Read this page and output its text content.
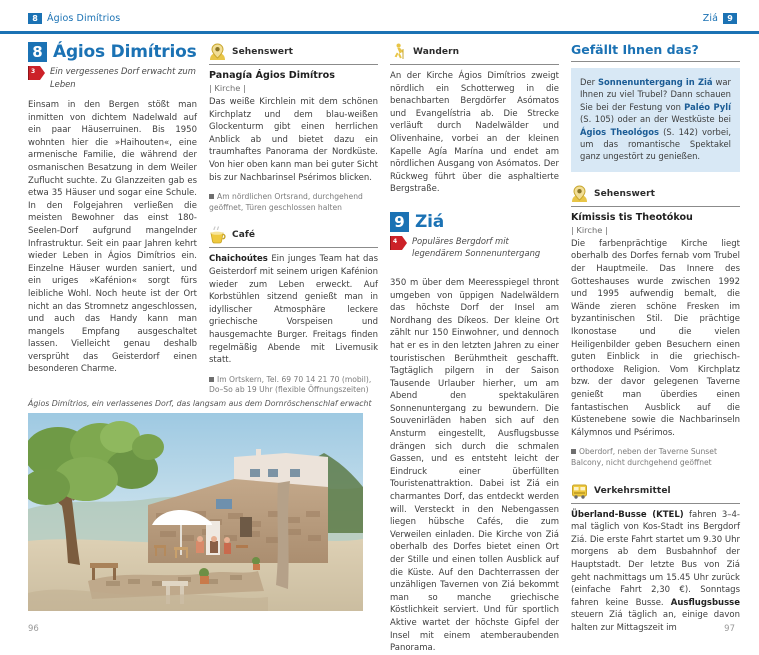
8 Ágios Dimítrios	Ziá	9
8 Ágios Dimítrios
3 Ein vergessenes Dorf erwacht zum Leben

Einsam in den Bergen stößt man inmitten von dichtem Nadelwald auf ein paar Häuserruinen. Bis 1950 wohnten hier die »Haihouten«, eine armenische Familie, die während der osmanischen Besatzung in dem Weiler Zuflucht suchte. Zu Glanzzeiten gab es etwa 35 Häuser und sogar eine Schule. In den Folgejahren verließen die meisten Bewohner das einst 180-Seelen-Dorf aufgrund mangelnder Infrastruktur. Seit ein paar Jahren kehrt wieder Leben in Ágios Dimítrios ein. Einzelne Häuser wurden saniert, und ein uriges »Kafénion« sorgt fürs leibliche Wohl. Noch heute ist der Ort nicht an das Stromnetz angeschlossen, und auch das Handy kann man mangels Empfang ausgeschaltet lassen. Vielleicht genau deshalb versprüht das Geisterdorf einen besonderen Charme.

Ágios Dimítrios, ein verlassenes Dorf, das langsam aus dem Dornröschenschlaf erwacht
Sehenswert
Panagía Ágios Dimítros
| Kirche |

Das weiße Kirchlein mit dem schönen Kirchplatz und dem blau-weißen Glockenturm gibt einen herrlichen Anblick ab und bietet dazu ein traumhaftes Panorama der Nordküste. Von hier oben kann man bei guter Sicht bis zur Nachbarinsel Psérimos blicken.

Am nördlichen Ortsrand, durchgehend geöffnet, Türen geschlossen halten

Café

Chaichoútes Ein junges Team hat das Geisterdorf mit seinem urigen Kafénion wieder zum Leben erweckt. Auf Korbstühlen sitzend genießt man in idyllischer Atmosphäre leckere griechische Vorspeisen und hausgemachte Burger. Freitags finden regelmäßig Abende mit Livemusik statt.

Im Ortskern, Tel. 69 70 14 21 70 (mobil), Do–So ab 19 Uhr (flexible Öffnungszeiten)

Wandern

An der Kirche Ágios Dimítrios zweigt nördlich ein Schotterweg in die benachbarten Bergdörfer Asómatos und Evangelístria ab. Die Strecke verläuft durch Nadelwälder und Olivenhaine, vorbei an der kleinen Kapelle Agía Marína und endet am nördlichen Ausgang von Asómatos. Der Rückweg führt über die asphaltierte Bergstraße.

9 Ziá
4 Populäres Bergdorf mit legendärem Sonnenuntergang

350 m über dem Meeresspiegel thront umgeben von üppigen Nadelwäldern das höchste Dorf der Insel am Nordhang des Díkeos. Der kleine Ort zählt nur 150 Einwohner, und dennoch hat er es in den letzten Jahren zu einer touristischen Berühmtheit geschafft. Tagtäglich pilgern in der Saison Tausende Urlauber hierher, um am Abend den spektakulären Sonnenuntergang zu bewundern. Die Souvenirläden haben sich auf den Ansturm eingestellt, Ausflugsbusse drängen sich durch die schmalen Gassen, und es entsteht leicht der Eindruck einer überfüllten Touristenattraktion. Dabei ist Ziá ein charmantes Dorf, das entdeckt werden will. Versteckt in den Nebengassen liegen hübsche Cafés, die zum Verweilen einladen. Die Kirche von Ziá oberhalb des Dorfes bietet einen Ort der Stille und einen tollen Ausblick auf die Küste. Auf den Dachterrassen der unzähligen Tavernen von Ziá bekommt man so manche griechische Köstlichkeit serviert. Und für sportlich Aktive wartet der höchste Gipfel der Insel mit einem atemberaubenden Panorama.

Gefällt Ihnen das?
Der Sonnenuntergang in Ziá war Ihnen zu viel Trubel? Dann schauen Sie bei der Festung von Paléo Pylí (S. 105) oder an der Westküste bei Ágios Theológos (S. 142) vorbei, um das romantische Spektakel ganz ungestört zu genießen.
Sehenswert
Kímissis tis Theotókou
| Kirche |

Die farbenprächtige Kirche liegt oberhalb des Dorfes fernab vom Trubel der Hauptmeile. Das Innere des Gotteshauses wurde zwischen 1992 und 1995 aufwendig bemalt, die Wände zieren schöne Fresken im byzantinischen Stil. Die prächtige Ikonostase und die vielen Heiligenbilder geben Besuchern einen guten Einblick in die griechisch-orthodoxe Religion. Vom Kirchplatz bzw. der davor gelegenen Taverne genießt man überdies einen fantastischen Ausblick auf die Küstenebene sowie die Nachbarinseln Kálymnos und Psérimos.

Oberdorf, neben der Taverne Sunset Balcony, nicht durchgehend geöffnet

Verkehrsmittel

Überland-Busse (KTEL) fahren 3–4-mal täglich von Kos-Stadt ins Bergdorf Ziá. Die erste Fahrt startet um 9.30 Uhr morgens ab dem Busbahnhof der Hauptstadt. Der letzte Bus von Ziá geht nachmittags um 15.45 Uhr zurück (einfache Fahrt 2,30 €). Sonntags fahren keine Busse. Ausflugsbusse steuern Ziá täglich an, einige davon halten zur Mittagszeit im

96	97
